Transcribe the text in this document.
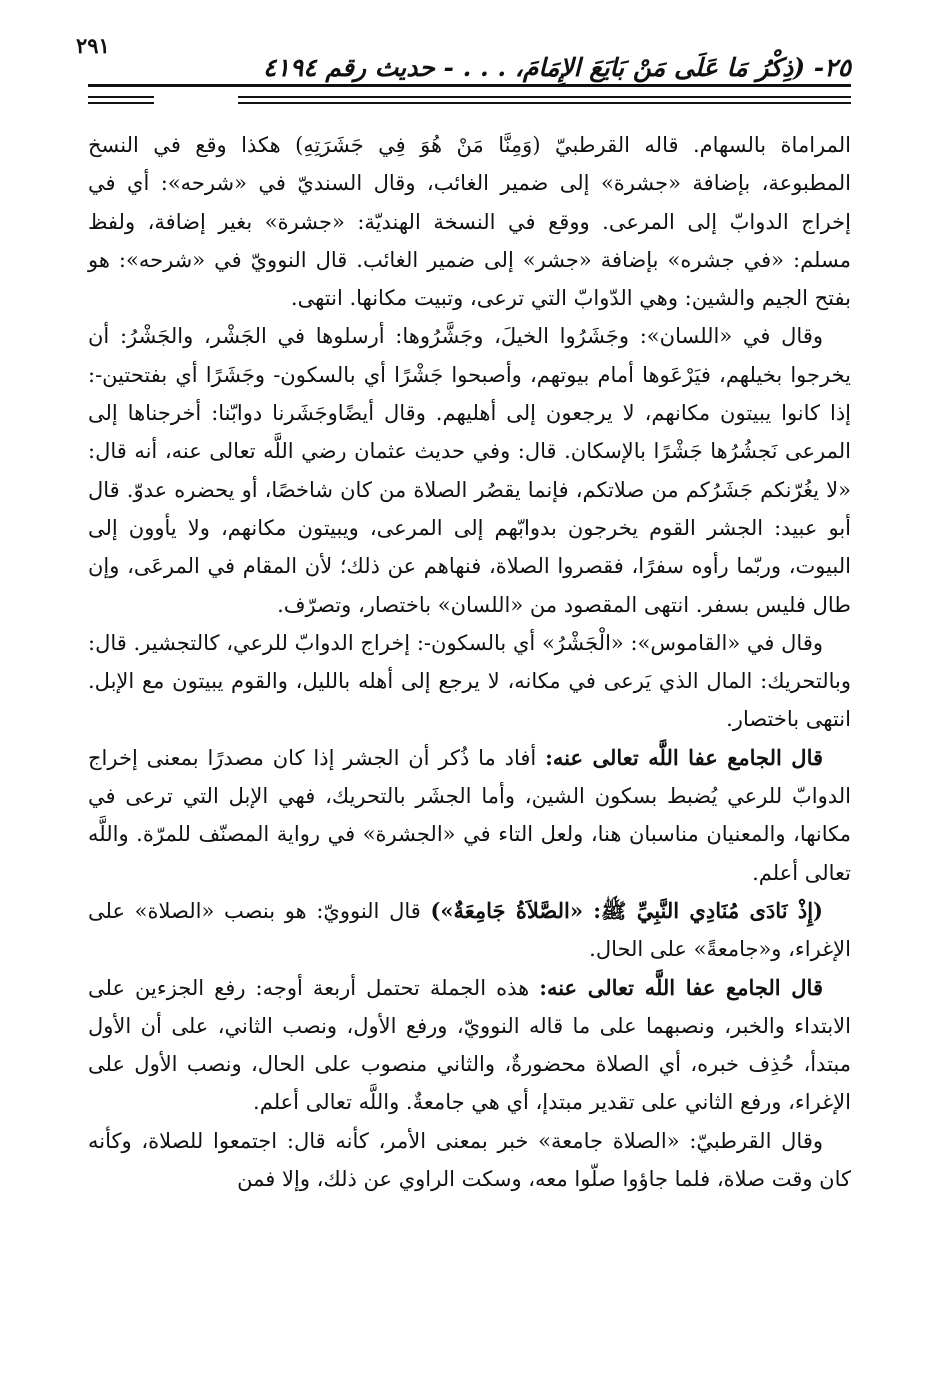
٢٥- (ذِكْرُ مَا عَلَى مَنْ بَايَعَ الإِمَامَ، . . . - حديث رقم ٤١٩٤
٢٩١

المراماة بالسهام. قاله القرطبيّ (وَمِنَّا مَنْ هُوَ فِي جَشَرَتِهِ) هكذا وقع في النسخ المطبوعة، بإضافة «جشرة» إلى ضمير الغائب، وقال السنديّ في «شرحه»: أي في إخراج الدوابّ إلى المرعى. ووقع في النسخة الهنديّة: «جشرة» بغير إضافة، ولفظ مسلم: «في جشره» بإضافة «جشر» إلى ضمير الغائب. قال النوويّ في «شرحه»: هو بفتح الجيم والشين: وهي الدّوابّ التي ترعى، وتبيت مكانها. انتهى.

وقال في «اللسان»: وجَشَرُوا الخيلَ، وجَشَّرُوها: أرسلوها في الجَشْر، والجَشْرُ: أن يخرجوا بخيلهم، فيَرْعَوها أمام بيوتهم، وأصبحوا جَشْرًا أي بالسكون- وجَشَرًا أي بفتحتين-: إذا كانوا يبيتون مكانهم، لا يرجعون إلى أهليهم. وقال أيضًاوجَشَرنا دوابّنا: أخرجناها إلى المرعى نَجشُرُها جَشْرًا بالإسكان. قال: وفي حديث عثمان رضي اللَّه تعالى عنه، أنه قال: «لا يغُرّنكم جَشَرُكم من صلاتكم، فإنما يقصُر الصلاة من كان شاخصًا، أو يحضره عدوّ. قال أبو عبيد: الجشر القوم يخرجون بدوابّهم إلى المرعى، ويبيتون مكانهم، ولا يأوون إلى البيوت، وربّما رأوه سفرًا، فقصروا الصلاة، فنهاهم عن ذلك؛ لأن المقام في المرعَى، وإن طال فليس بسفر. انتهى المقصود من «اللسان» باختصار، وتصرّف.

وقال في «القاموس»: «الْجَشْرُ» أي بالسكون-: إخراج الدوابّ للرعي، كالتجشير. قال: وبالتحريك: المال الذي يَرعى في مكانه، لا يرجع إلى أهله بالليل، والقوم يبيتون مع الإبل. انتهى باختصار.

قال الجامع عفا اللَّه تعالى عنه: أفاد ما ذُكر أن الجشر إذا كان مصدرًا بمعنى إخراج الدوابّ للرعي يُضبط بسكون الشين، وأما الجشَر بالتحريك، فهي الإبل التي ترعى في مكانها، والمعنيان مناسبان هنا، ولعل التاء في «الجشرة» في رواية المصنّف للمرّة. واللَّه تعالى أعلم.

(إِذْ نَادَى مُنَادِي النَّبِيِّ ﷺ: «الصَّلاَةُ جَامِعَةٌ») قال النوويّ: هو بنصب «الصلاة» على الإغراء، و«جامعةً» على الحال.

قال الجامع عفا اللَّه تعالى عنه: هذه الجملة تحتمل أربعة أوجه: رفع الجزءين على الابتداء والخبر، ونصبهما على ما قاله النوويّ، ورفع الأول، ونصب الثاني، على أن الأول مبتدأ، حُذِف خبره، أي الصلاة محضورةٌ، والثاني منصوب على الحال، ونصب الأول على الإغراء، ورفع الثاني على تقدير مبتدإ، أي هي جامعةٌ. واللَّه تعالى أعلم.

وقال القرطبيّ: «الصلاة جامعة» خبر بمعنى الأمر، كأنه قال: اجتمعوا للصلاة، وكأنه كان وقت صلاة، فلما جاؤوا صلّوا معه، وسكت الراوي عن ذلك، وإلا فمن
